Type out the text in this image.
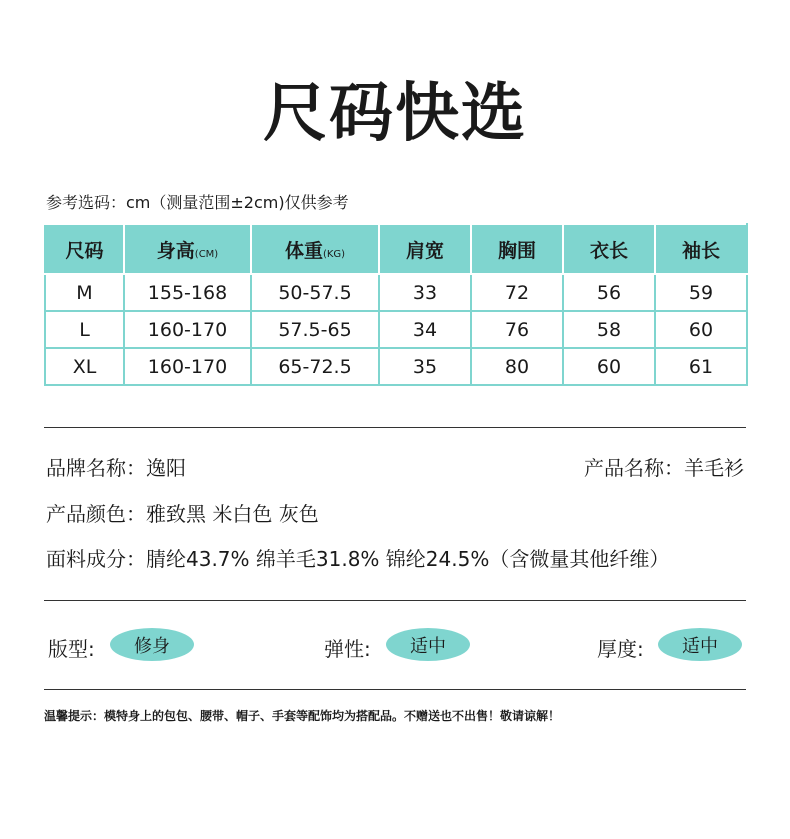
尺码快选
参考选码：cm（测量范围±2cm)仅供参考
尺码	身高(CM)	体重(KG)	肩宽	胸围	衣长	袖长
M	155-168	50-57.5	33	72	56	59
L	160-170	57.5-65	34	76	58	60
XL	160-170	65-72.5	35	80	60	61
品牌名称：逸阳	产品名称：羊毛衫
产品颜色：雅致黑 米白色 灰色
面料成分：腈纶43.7% 绵羊毛31.8% 锦纶24.5%（含微量其他纤维）
版型:	修身	弹性:	适中	厚度:	适中
温馨提示：模特身上的包包、腰带、帽子、手套等配饰均为搭配品。不赠送也不出售！敬请谅解！
